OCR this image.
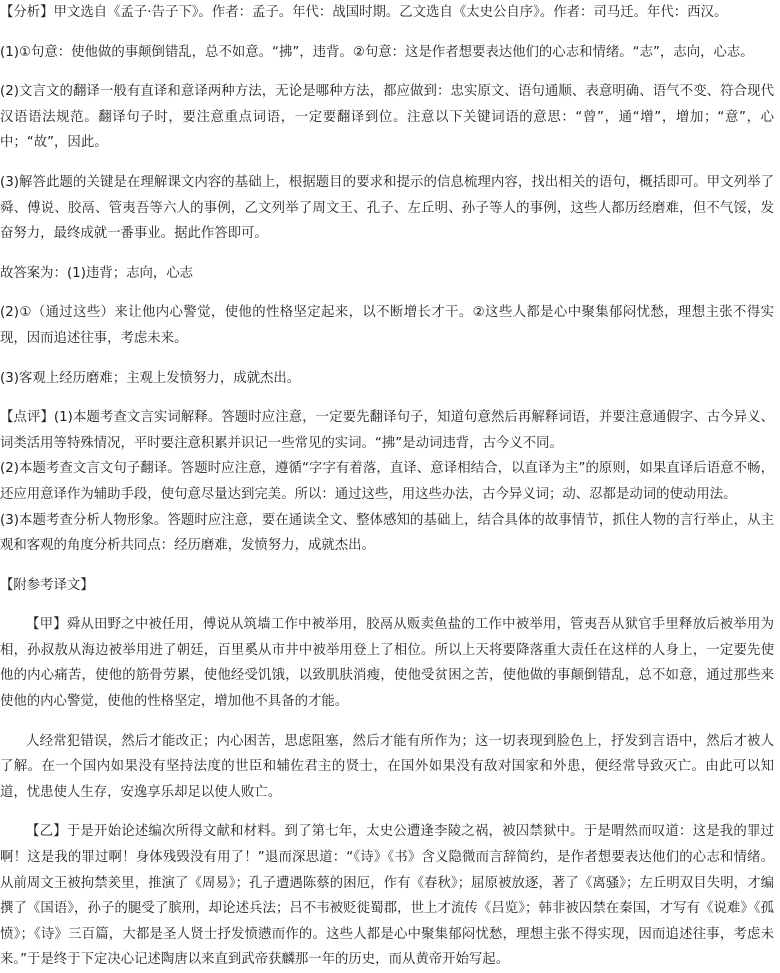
【分析】甲文选自《孟子·告子下》。作者：孟子。年代：战国时期。乙文选自《太史公自序》。作者：司马迁。年代：西汉。

(1)①句意：使他做的事颠倒错乱，总不如意。“拂”，违背。②句意：这是作者想要表达他们的心志和情绪。“志”，志向，心志。

(2)文言文的翻译一般有直译和意译两种方法，无论是哪种方法，都应做到：忠实原文、语句通顺、表意明确、语气不变、符合现代汉语语法规范。翻译句子时，要注意重点词语，一定要翻译到位。注意以下关键词语的意思：“曾”，通“增”，增加；“意”，心中；“故”，因此。

(3)解答此题的关键是在理解课文内容的基础上，根据题目的要求和提示的信息梳理内容，找出相关的语句，概括即可。甲文列举了舜、傅说、胶鬲、管夷吾等六人的事例，乙文列举了周文王、孔子、左丘明、孙子等人的事例，这些人都历经磨难，但不气馁，发奋努力，最终成就一番事业。据此作答即可。

故答案为：(1)违背；志向，心志

(2)①（通过这些）来让他内心警觉，使他的性格坚定起来，以不断增长才干。②这些人都是心中聚集郁闷忧愁，理想主张不得实现，因而追述往事，考虑未来。

(3)客观上经历磨难；主观上发愤努力，成就杰出。

【点评】(1)本题考查文言实词解释。答题时应注意，一定要先翻译句子，知道句意然后再解释词语，并要注意通假字、古今异义、词类活用等特殊情况，平时要注意积累并识记一些常见的实词。“拂”是动词违背，古今义不同。

(2)本题考查文言文句子翻译。答题时应注意，遵循“字字有着落，直译、意译相结合，以直译为主”的原则，如果直译后语意不畅，还应用意译作为辅助手段，使句意尽量达到完美。所以：通过这些，用这些办法，古今异义词；动、忍都是动词的使动用法。

(3)本题考查分析人物形象。答题时应注意，要在通读全文、整体感知的基础上，结合具体的故事情节，抓住人物的言行举止，从主观和客观的角度分析共同点：经历磨难，发愤努力，成就杰出。

【附参考译文】

【甲】舜从田野之中被任用，傅说从筑墙工作中被举用，胶鬲从贩卖鱼盐的工作中被举用，管夷吾从狱官手里释放后被举用为相，孙叔敖从海边被举用进了朝廷，百里奚从市井中被举用登上了相位。所以上天将要降落重大责任在这样的人身上，一定要先使他的内心痛苦，使他的筋骨劳累，使他经受饥饿，以致肌肤消瘦，使他受贫困之苦，使他做的事颠倒错乱，总不如意，通过那些来使他的内心警觉，使他的性格坚定，增加他不具备的才能。

人经常犯错误，然后才能改正；内心困苦，思虑阻塞，然后才能有所作为；这一切表现到脸色上，抒发到言语中，然后才被人了解。在一个国内如果没有坚持法度的世臣和辅佐君主的贤士，在国外如果没有敌对国家和外患，便经常导致灭亡。由此可以知道，忧患使人生存，安逸享乐却足以使人败亡。

【乙】于是开始论述编次所得文献和材料。到了第七年，太史公遭逢李陵之祸，被囚禁狱中。于是喟然而叹道：这是我的罪过啊！这是我的罪过啊！身体残毁没有用了！”退而深思道：“《诗》《书》含义隐微而言辞简约，是作者想要表达他们的心志和情绪。从前周文王被拘禁羑里，推演了《周易》；孔子遭遇陈蔡的困厄，作有《春秋》；屈原被放逐，著了《离骚》；左丘明双目失明，才编撰了《国语》，孙子的腿受了膑刑，却论述兵法；吕不韦被贬徙蜀郡，世上才流传《吕览》；韩非被囚禁在秦国，才写有《说难》《孤愤》；《诗》三百篇，大都是圣人贤士抒发愤懑而作的。这些人都是心中聚集郁闷忧愁，理想主张不得实现，因而追述往事，考虑未来。”于是终于下定决心记述陶唐以来直到武帝获麟那一年的历史，而从黄帝开始写起。
